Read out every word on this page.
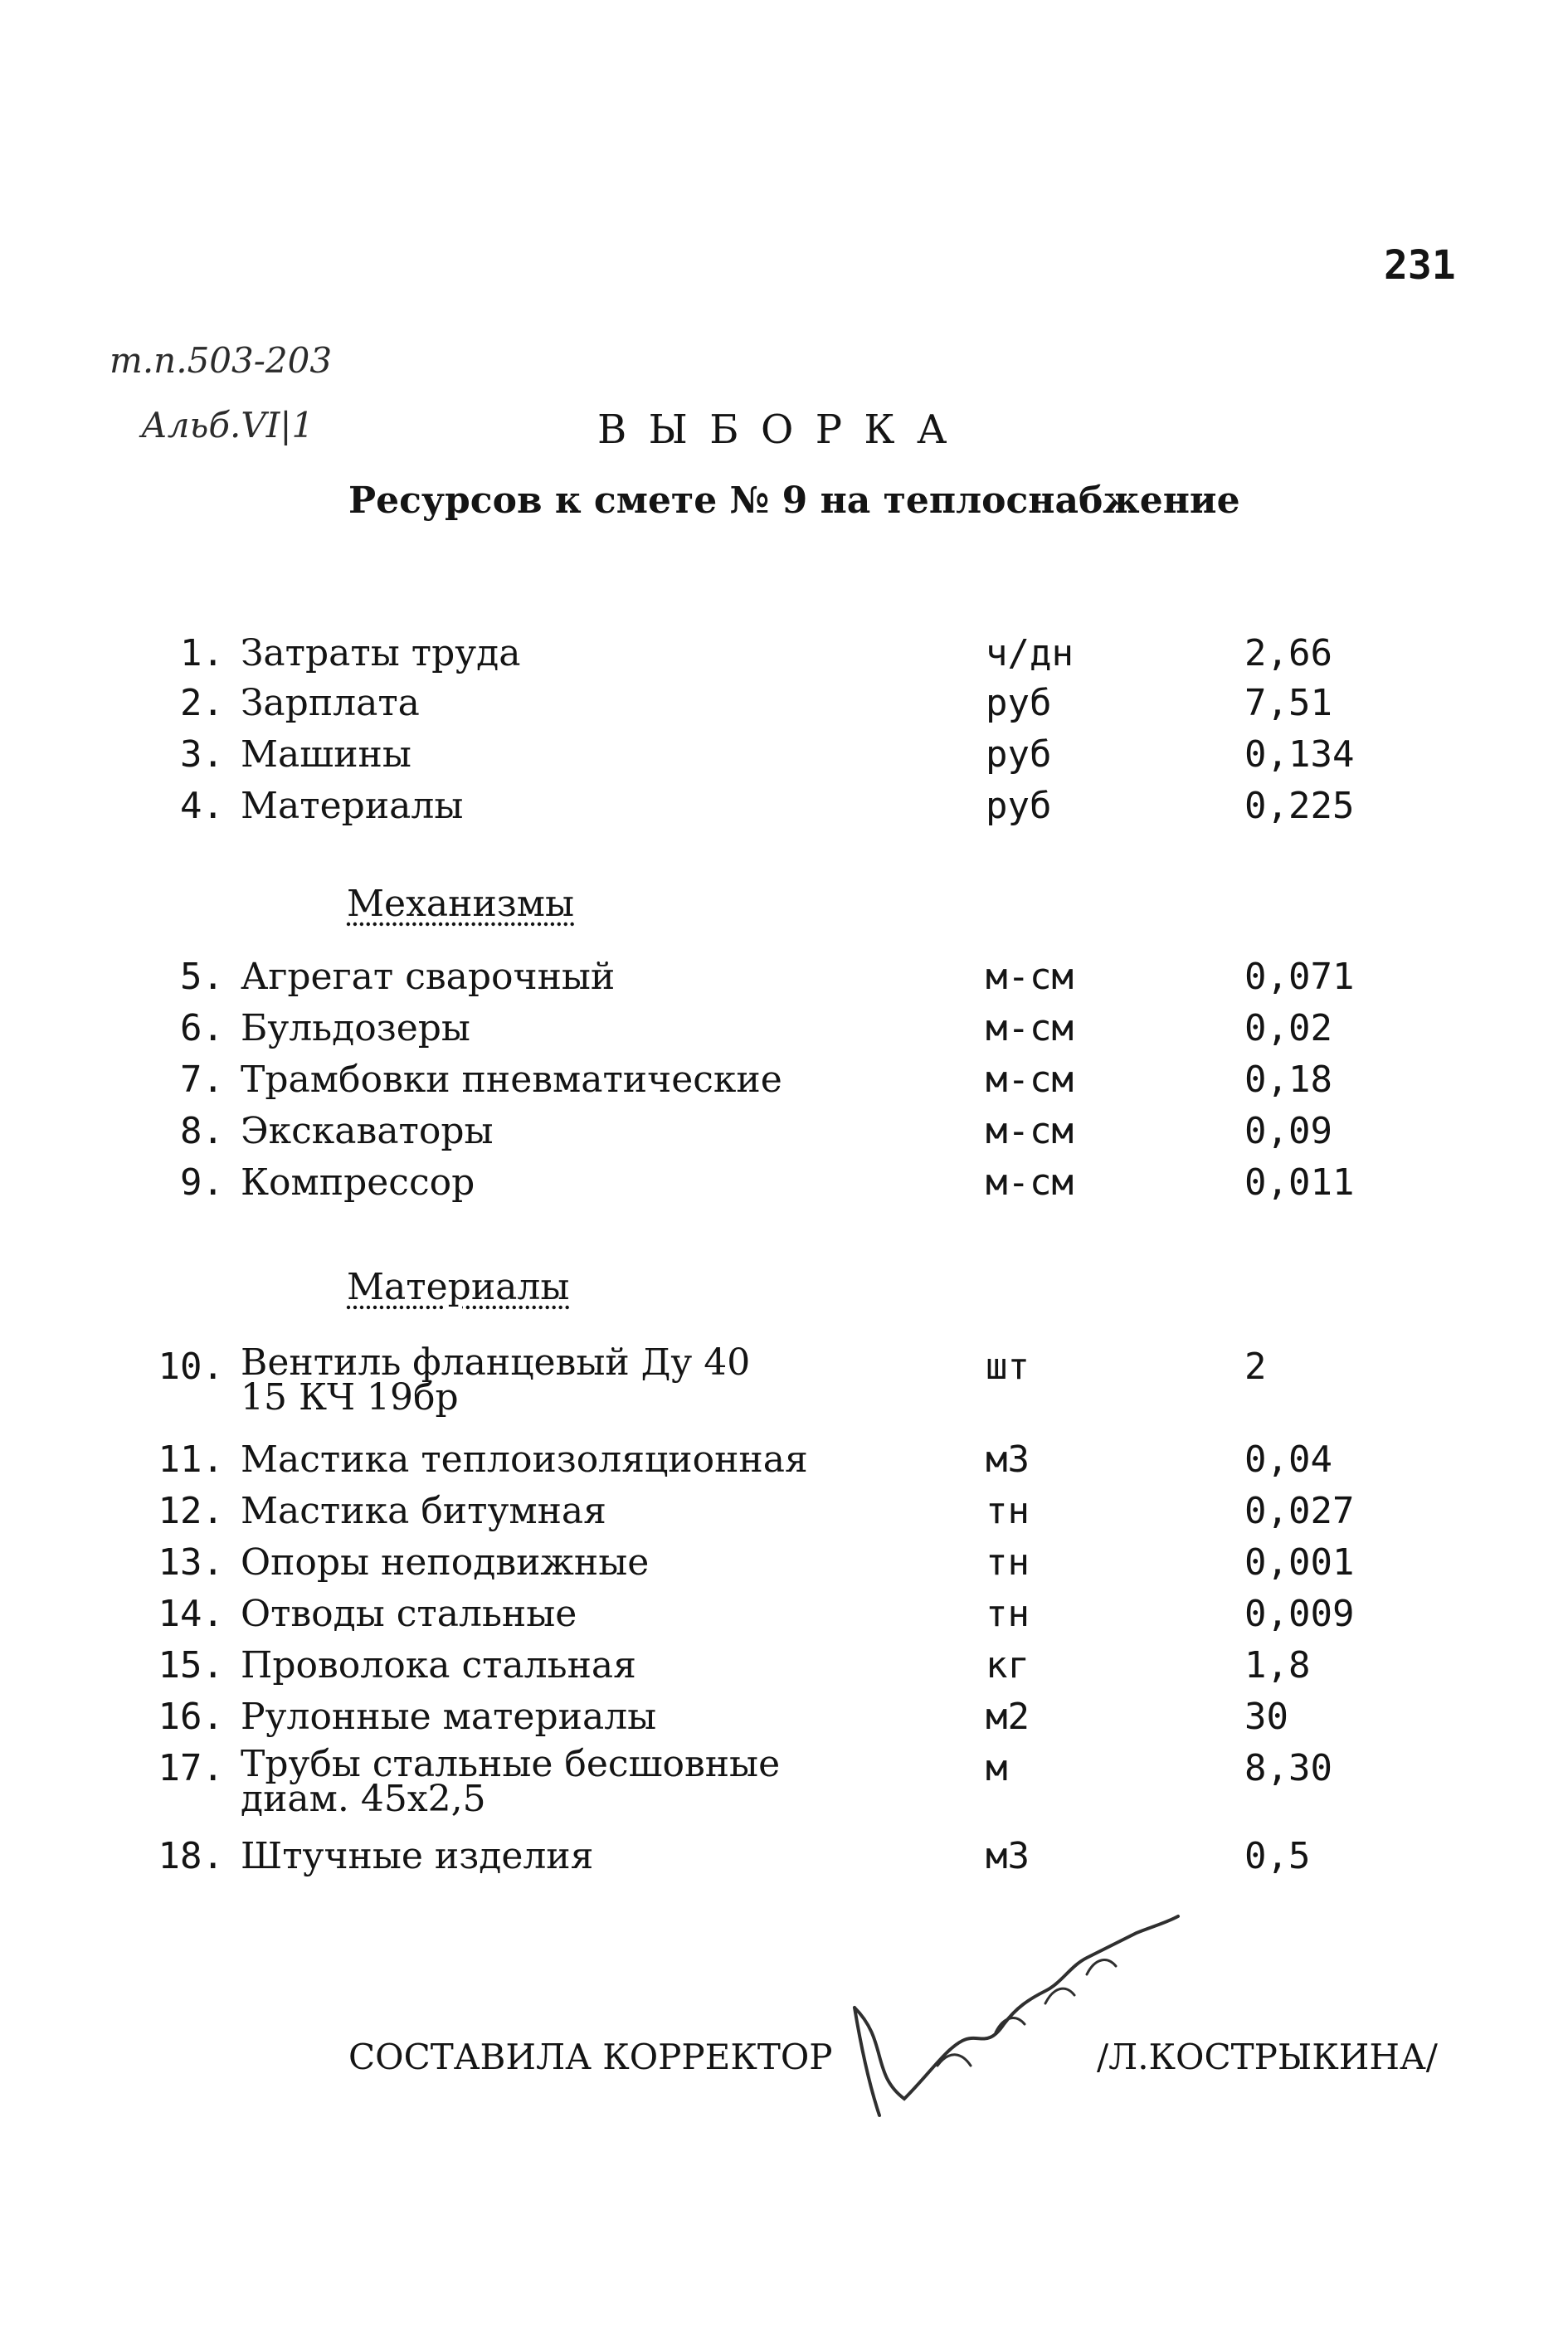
231
т.п.503-203
Альб.VI|1	ВЫБОРКА
Ресурсов к смете № 9 на теплоснабжение
1. Затраты труда	ч/дн	2,66
2. Зарплата	руб	7,51
3. Машины	руб	0,134
4. Материалы	руб	0,225
Механизмы
5. Агрегат сварочный	м-см	0,071
6. Бульдозеры	м-см	0,02
7. Трамбовки пневматические	м-см	0,18
8. Экскаваторы	м-см	0,09
9. Компрессор	м-см	0,011
Материалы
10. Вентиль фланцевый Ду 40
15 КЧ 19бр
шт	2
11. Мастика теплоизоляционная	м3	0,04
12. Мастика битумная	тн	0,027
13. Опоры неподвижные	тн	0,001
14. Отводы стальные	тн	0,009
15. Проволока стальная	кг	1,8
16. Рулонные материалы	м2	30
17. Трубы стальные бесшовные
диам. 45х2,5
м	8,30
18. Штучные изделия	м3	0,5
СОСТАВИЛА КОРРЕКТОР	/Л.КОСТРЫКИНА/
